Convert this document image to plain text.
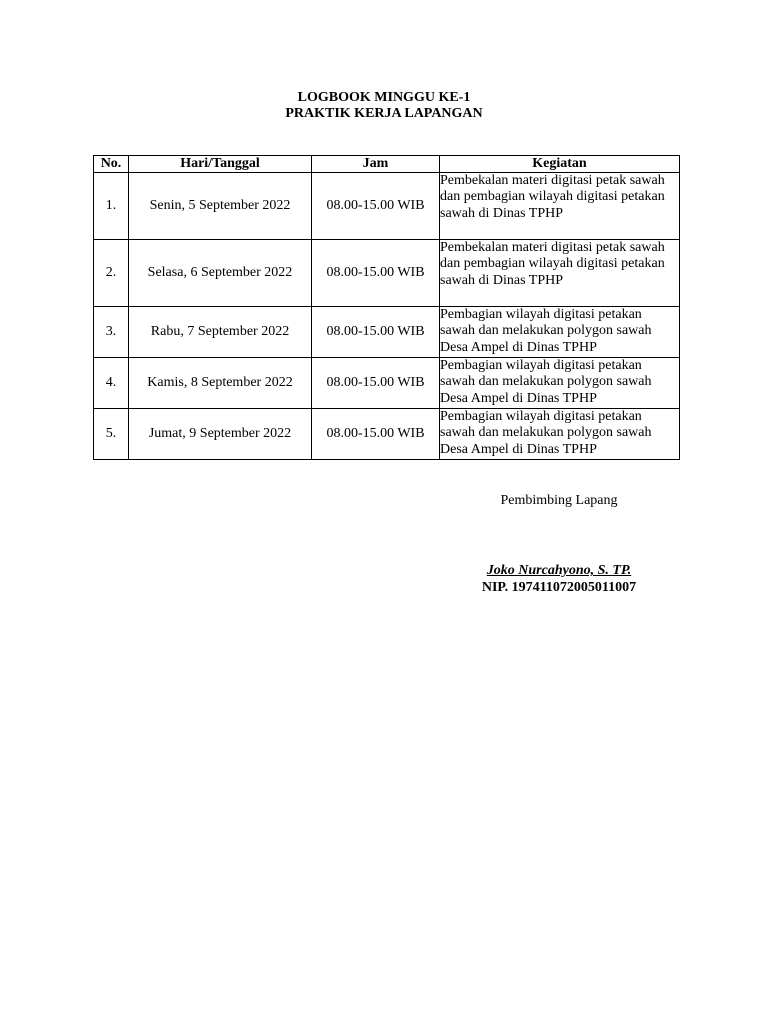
LOGBOOK MINGGU KE-1
PRAKTIK KERJA LAPANGAN
No.	Hari/Tanggal	Jam	Kegiatan
1.	Senin, 5 September 2022	08.00-15.00 WIB	Pembekalan materi digitasi petak sawah dan pembagian wilayah digitasi petakan sawah di Dinas TPHP
2.	Selasa, 6 September 2022	08.00-15.00 WIB	Pembekalan materi digitasi petak sawah dan pembagian wilayah digitasi petakan sawah di Dinas TPHP
3.	Rabu, 7 September 2022	08.00-15.00 WIB	Pembagian wilayah digitasi petakan sawah dan melakukan polygon sawah Desa Ampel di Dinas TPHP
4.	Kamis, 8 September 2022	08.00-15.00 WIB	Pembagian wilayah digitasi petakan sawah dan melakukan polygon sawah Desa Ampel di Dinas TPHP
5.	Jumat, 9 September 2022	08.00-15.00 WIB	Pembagian wilayah digitasi petakan sawah dan melakukan polygon sawah Desa Ampel di Dinas TPHP
Pembimbing Lapang
Joko Nurcahyono, S. TP.
NIP. 197411072005011007
